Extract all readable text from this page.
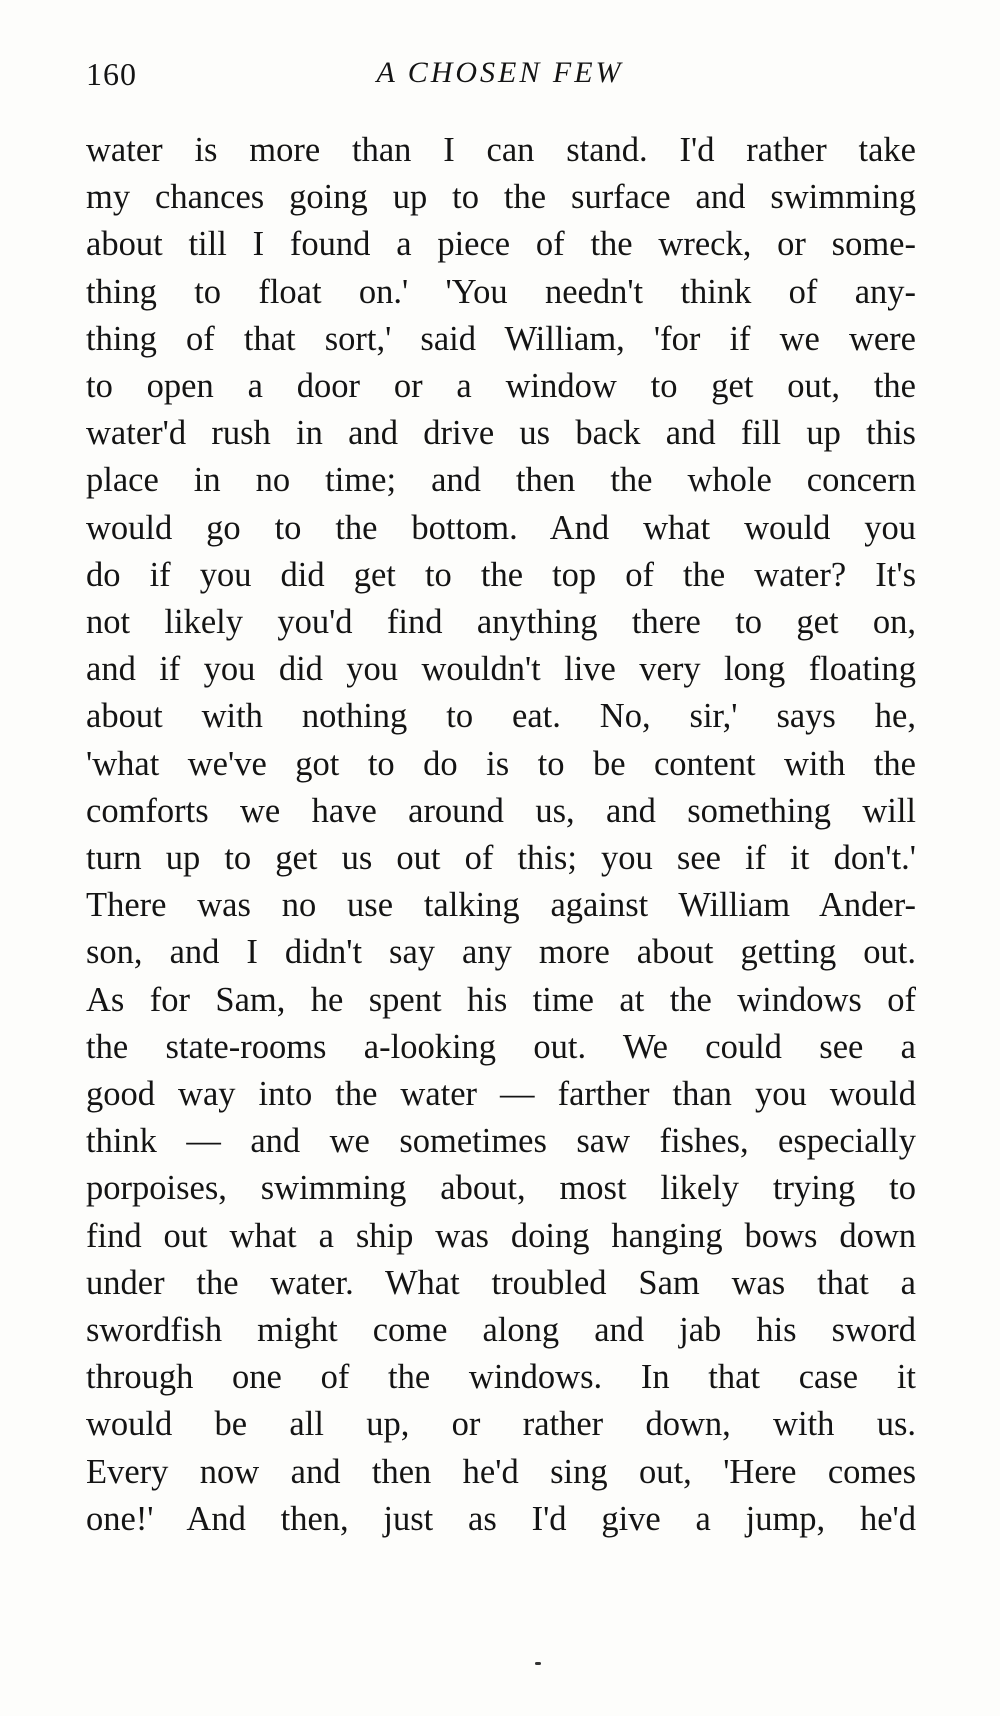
160	A CHOSEN FEW
water is more than I can stand. I'd rather take
my chances going up to the surface and swimming
about till I found a piece of the wreck, or some-
thing to float on.' 'You needn't think of any-
thing of that sort,' said William, 'for if we were
to open a door or a window to get out, the
water'd rush in and drive us back and fill up this
place in no time; and then the whole concern
would go to the bottom. And what would you
do if you did get to the top of the water? It's
not likely you'd find anything there to get on,
and if you did you wouldn't live very long floating
about with nothing to eat. No, sir,' says he,
'what we've got to do is to be content with the
comforts we have around us, and something will
turn up to get us out of this; you see if it don't.'
There was no use talking against William Ander-
son, and I didn't say any more about getting out.
As for Sam, he spent his time at the windows of
the state-rooms a-looking out. We could see a
good way into the water — farther than you would
think — and we sometimes saw fishes, especially
porpoises, swimming about, most likely trying to
find out what a ship was doing hanging bows down
under the water. What troubled Sam was that a
swordfish might come along and jab his sword
through one of the windows. In that case it
would be all up, or rather down, with us.
Every now and then he'd sing out, 'Here comes
one!' And then, just as I'd give a jump, he'd
